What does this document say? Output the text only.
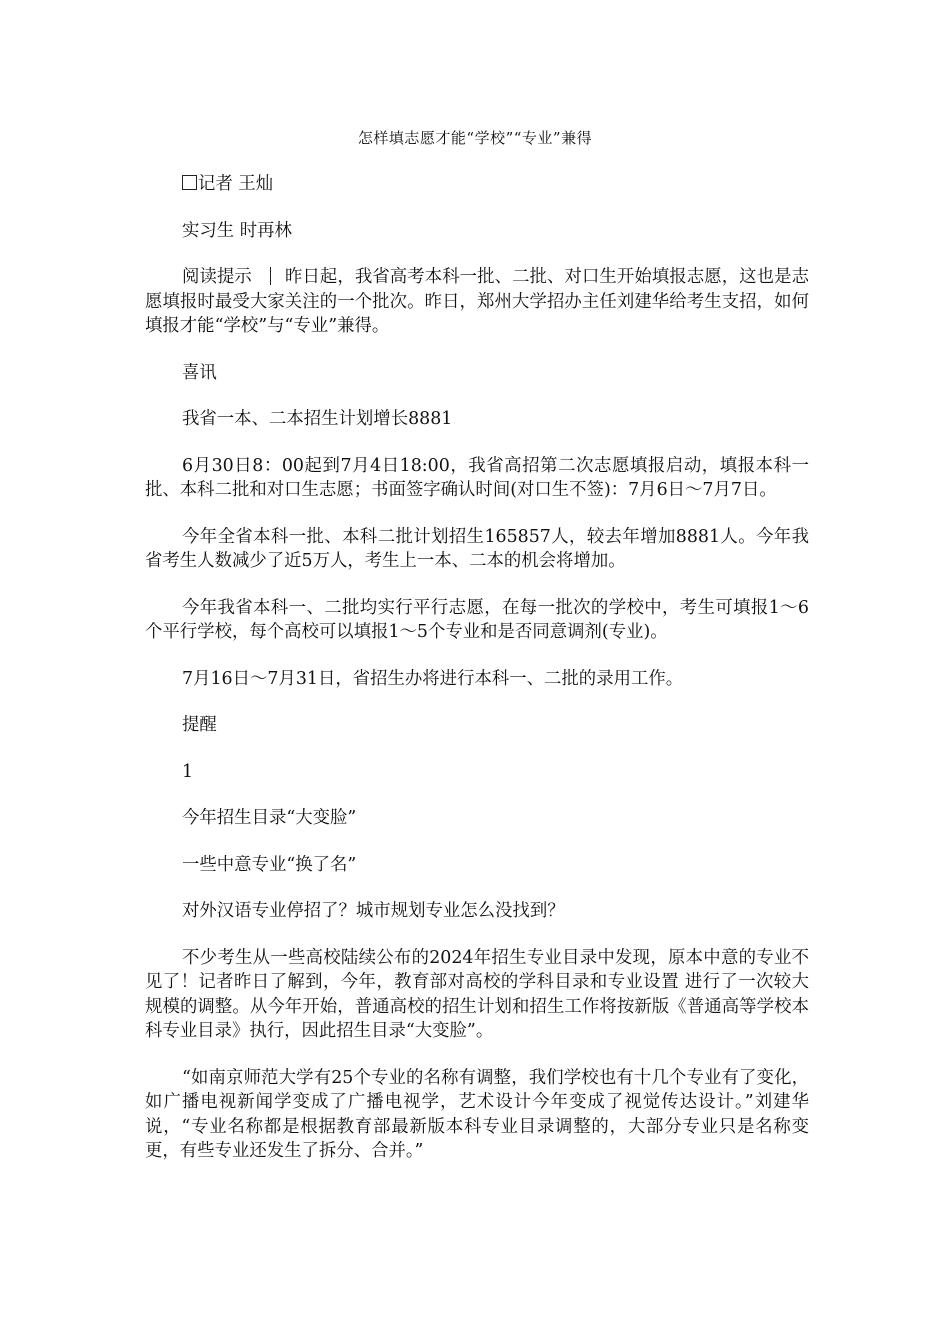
怎样填志愿才能“学校”“专业”兼得

记者 王灿

实习生 时再林

阅读提示 昨日起，我省高考本科一批、二批、对口生开始填报志愿，这也是志愿填报时最受大家关注的一个批次。昨日，郑州大学招办主任刘建华给考生支招，如何填报才能“学校”与“专业”兼得。

喜讯

我省一本、二本招生计划增长8881

6月30日8：00起到7月4日18:00，我省高招第二次志愿填报启动，填报本科一批、本科二批和对口生志愿；书面签字确认时间(对口生不签)：7月6日～7月7日。

今年全省本科一批、本科二批计划招生165857人，较去年增加8881人。今年我省考生人数减少了近5万人，考生上一本、二本的机会将增加。

今年我省本科一、二批均实行平行志愿，在每一批次的学校中，考生可填报1～6个平行学校，每个高校可以填报1～5个专业和是否同意调剂(专业)。

7月16日～7月31日，省招生办将进行本科一、二批的录用工作。

提醒

1

今年招生目录“大变脸”

一些中意专业“换了名”

对外汉语专业停招了？城市规划专业怎么没找到？

不少考生从一些高校陆续公布的2024年招生专业目录中发现，原本中意的专业不见了！记者昨日了解到，今年，教育部对高校的学科目录和专业设置 进行了一次较大规模的调整。从今年开始，普通高校的招生计划和招生工作将按新版《普通高等学校本科专业目录》执行，因此招生目录“大变脸”。

“如南京师范大学有25个专业的名称有调整，我们学校也有十几个专业有了变化，如广播电视新闻学变成了广播电视学，艺术设计今年变成了视觉传达设计。”刘建华说，“专业名称都是根据教育部最新版本科专业目录调整的，大部分专业只是名称变更，有些专业还发生了拆分、合并。”
